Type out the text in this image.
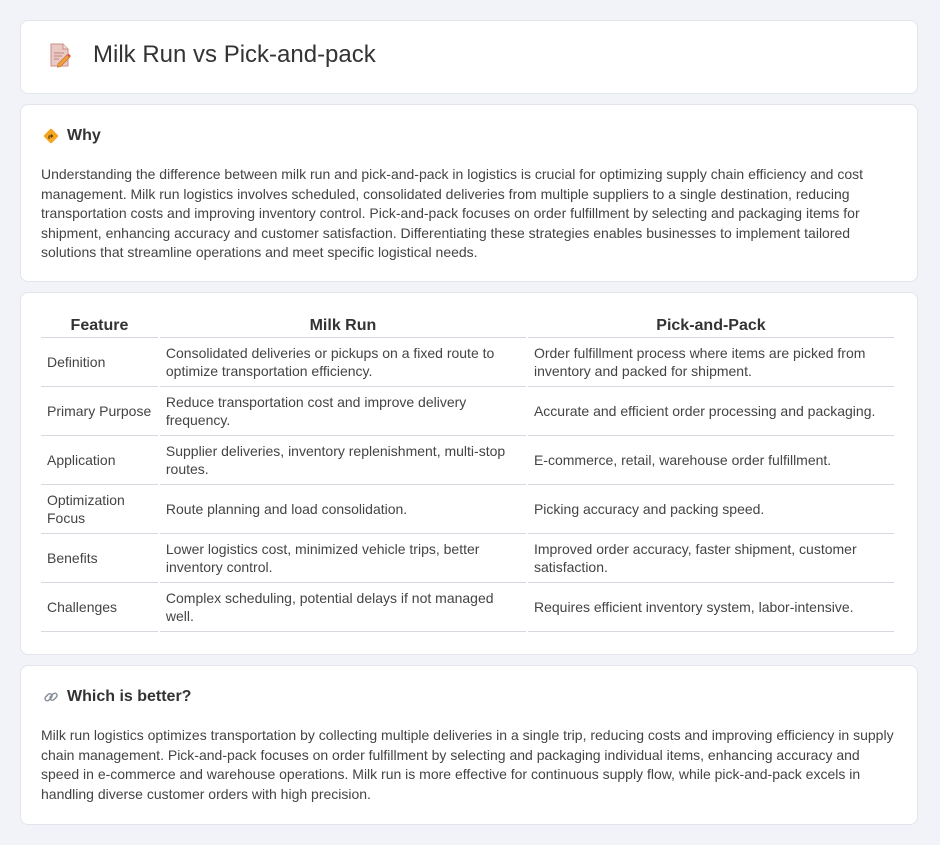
Milk Run vs Pick-and-pack
Why

Understanding the difference between milk run and pick-and-pack in logistics is crucial for optimizing supply chain efficiency and cost management. Milk run logistics involves scheduled, consolidated deliveries from multiple suppliers to a single destination, reducing transportation costs and improving inventory control. Pick-and-pack focuses on order fulfillment by selecting and packaging items for shipment, enhancing accuracy and customer satisfaction. Differentiating these strategies enables businesses to implement tailored solutions that streamline operations and meet specific logistical needs.

Feature	Milk Run	Pick-and-Pack
Definition	Consolidated deliveries or pickups on a fixed route to optimize transportation efficiency.	Order fulfillment process where items are picked from inventory and packed for shipment.
Primary Purpose	Reduce transportation cost and improve delivery frequency.	Accurate and efficient order processing and packaging.
Application	Supplier deliveries, inventory replenishment, multi-stop routes.	E-commerce, retail, warehouse order fulfillment.
Optimization Focus	Route planning and load consolidation.	Picking accuracy and packing speed.
Benefits	Lower logistics cost, minimized vehicle trips, better inventory control.	Improved order accuracy, faster shipment, customer satisfaction.
Challenges	Complex scheduling, potential delays if not managed well.	Requires efficient inventory system, labor-intensive.
Which is better?

Milk run logistics optimizes transportation by collecting multiple deliveries in a single trip, reducing costs and improving efficiency in supply chain management. Pick-and-pack focuses on order fulfillment by selecting and packaging individual items, enhancing accuracy and speed in e-commerce and warehouse operations. Milk run is more effective for continuous supply flow, while pick-and-pack excels in handling diverse customer orders with high precision.
